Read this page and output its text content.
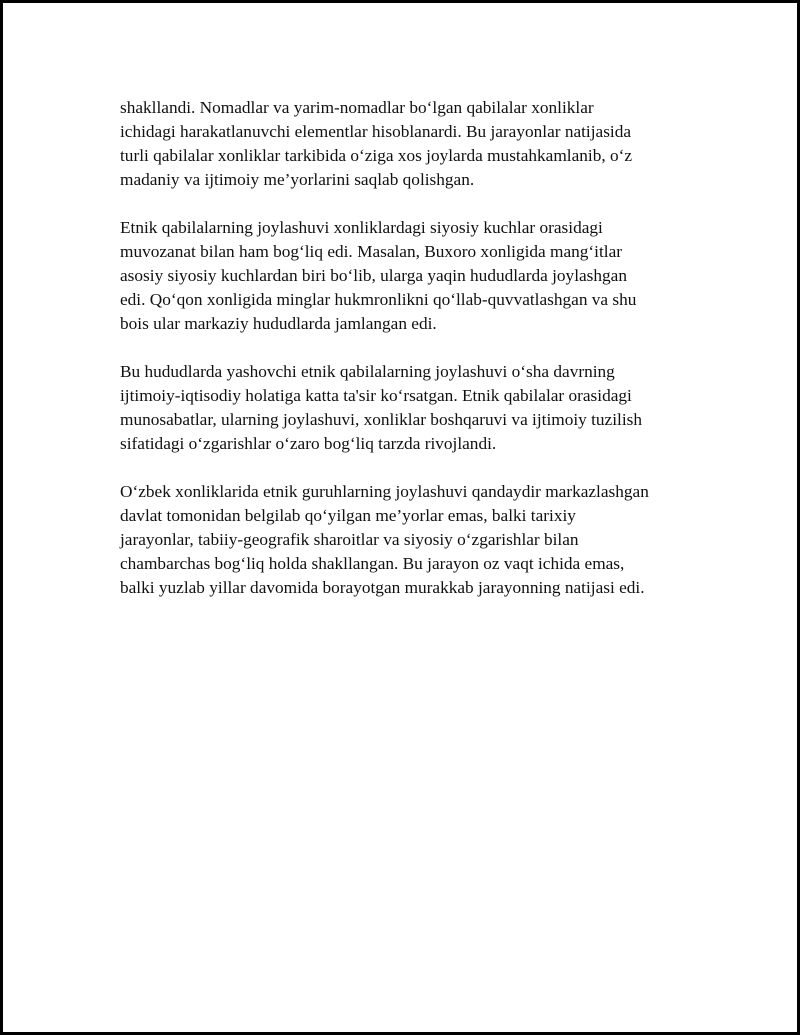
shakllandi. Nomadlar va yarim-nomadlar bo‘lgan qabilalar xonliklar
ichidagi harakatlanuvchi elementlar hisoblanardi. Bu jarayonlar natijasida
turli qabilalar xonliklar tarkibida o‘ziga xos joylarda mustahkamlanib, o‘z
madaniy va ijtimoiy me’yorlarini saqlab qolishgan.

Etnik qabilalarning joylashuvi xonliklardagi siyosiy kuchlar orasidagi
muvozanat bilan ham bog‘liq edi. Masalan, Buxoro xonligida mang‘itlar
asosiy siyosiy kuchlardan biri bo‘lib, ularga yaqin hududlarda joylashgan
edi. Qo‘qon xonligida minglar hukmronlikni qo‘llab-quvvatlashgan va shu
bois ular markaziy hududlarda jamlangan edi.

Bu hududlarda yashovchi etnik qabilalarning joylashuvi o‘sha davrning
ijtimoiy-iqtisodiy holatiga katta ta'sir ko‘rsatgan. Etnik qabilalar orasidagi
munosabatlar, ularning joylashuvi, xonliklar boshqaruvi va ijtimoiy tuzilish
sifatidagi o‘zgarishlar o‘zaro bog‘liq tarzda rivojlandi.

O‘zbek xonliklarida etnik guruhlarning joylashuvi qandaydir markazlashgan
davlat tomonidan belgilab qo‘yilgan me’yorlar emas, balki tarixiy
jarayonlar, tabiiy-geografik sharoitlar va siyosiy o‘zgarishlar bilan
chambarchas bog‘liq holda shakllangan. Bu jarayon oz vaqt ichida emas,
balki yuzlab yillar davomida borayotgan murakkab jarayonning natijasi edi.
